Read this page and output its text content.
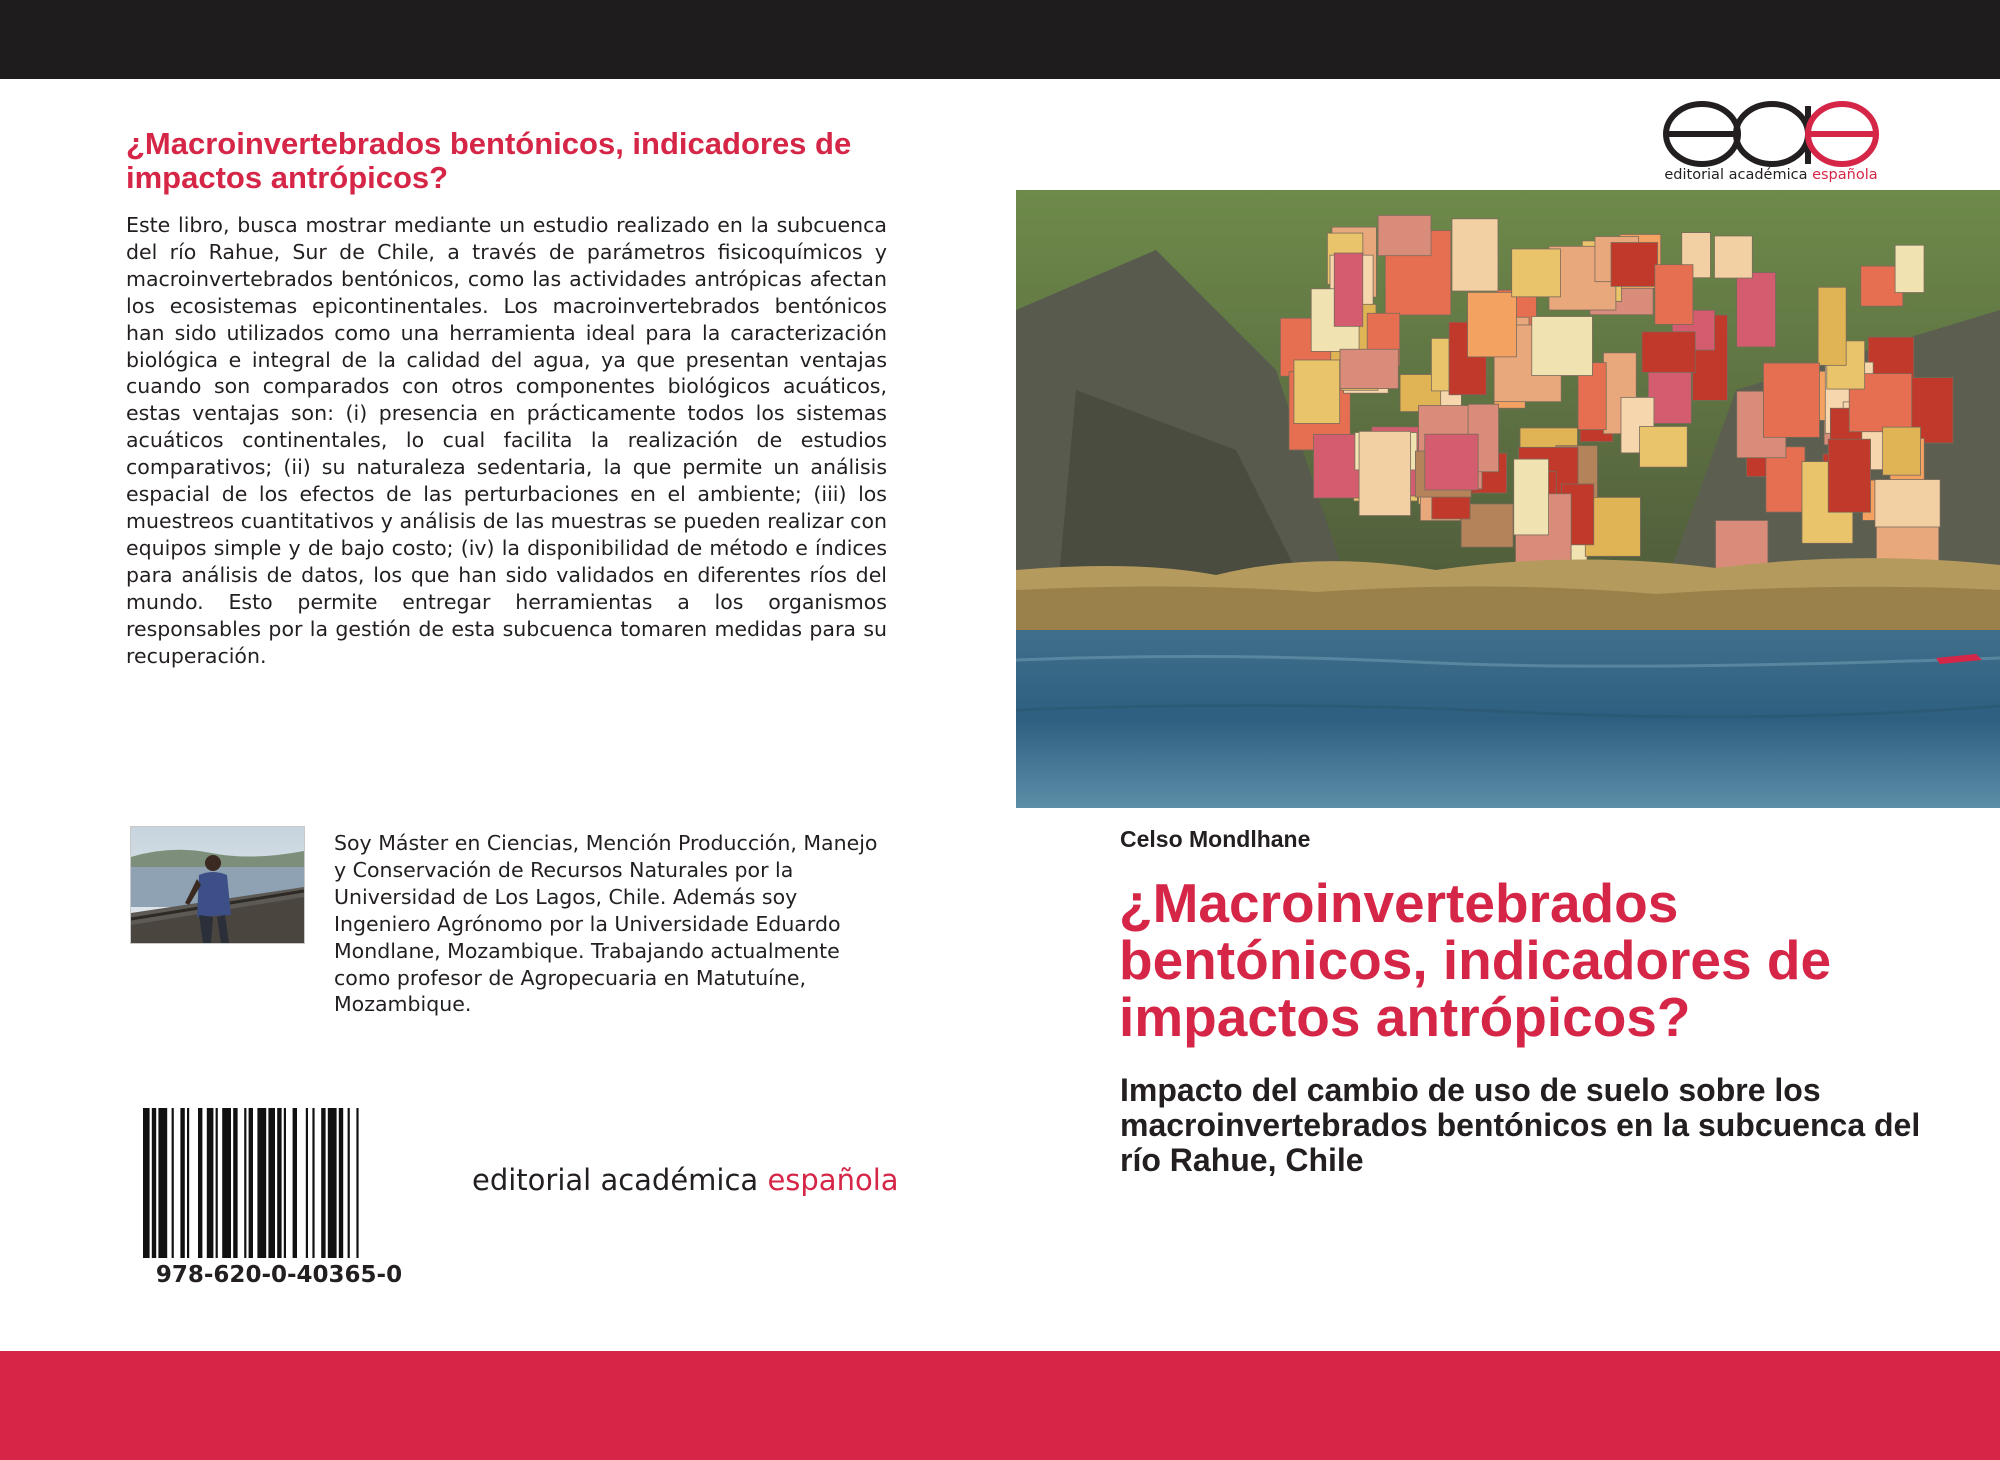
¿Macroinvertebrados bentónicos, indicadores de impactos antrópicos?

Este libro, busca mostrar mediante un estudio realizado en la subcuenca del río Rahue, Sur de Chile, a través de parámetros fisicoquímicos y macroinvertebrados bentónicos, como las actividades antrópicas afectan los ecosistemas epicontinentales. Los macroinvertebrados bentónicos han sido utilizados como una herramienta ideal para la caracterización biológica e integral de la calidad del agua, ya que presentan ventajas cuando son comparados con otros componentes biológicos acuáticos, estas ventajas son: (i) presencia en prácticamente todos los sistemas acuáticos continentales, lo cual facilita la realización de estudios comparativos; (ii) su naturaleza sedentaria, la que permite un análisis espacial de los efectos de las perturbaciones en el ambiente; (iii) los muestreos cuantitativos y análisis de las muestras se pueden realizar con equipos simple y de bajo costo; (iv) la disponibilidad de método e índices para análisis de datos, los que han sido validados en diferentes ríos del mundo. Esto permite entregar herramientas a los organismos responsables por la gestión de esta subcuenca tomaren medidas para su recuperación.

Soy Máster en Ciencias, Mención Producción, Manejo y Conservación de Recursos Naturales por la Universidad de Los Lagos, Chile. Además soy Ingeniero Agrónomo por la Universidade Eduardo Mondlane, Mozambique. Trabajando actualmente como profesor de Agropecuaria en Matutuíne, Mozambique.

978-620-0-40365-0
editorial académica española
editorial académica española
Celso Mondlhane
¿Macroinvertebrados bentónicos, indicadores de impactos antrópicos?
Impacto del cambio de uso de suelo sobre los macroinvertebrados bentónicos en la subcuenca del río Rahue, Chile
